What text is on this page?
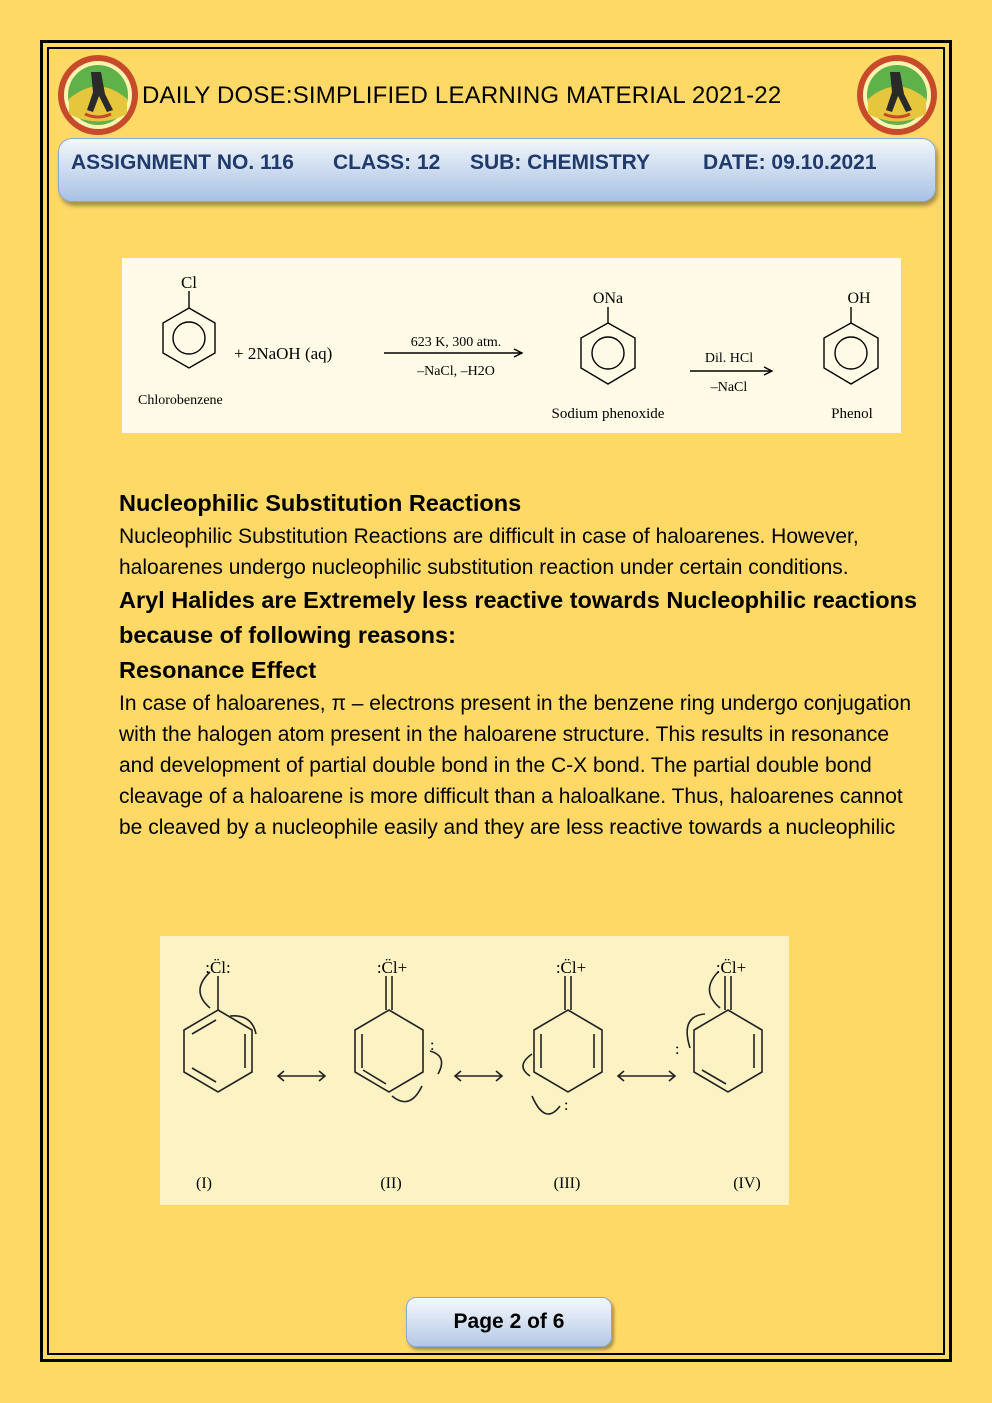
DAILY DOSE:SIMPLIFIED LEARNING MATERIAL 2021-22
ASSIGNMENT NO. 116 CLASS: 12 SUB: CHEMISTRY	DATE: 09.10.2021
Cl
Chlorobenzene
+ 2NaOH (aq)
623 K, 300 atm.
–NaCl, –H2O
ONa
Sodium phenoxide
Dil. HCl
–NaCl
OH
Phenol

Nucleophilic Substitution Reactions

Nucleophilic Substitution Reactions are difficult in case of haloarenes. However, haloarenes undergo nucleophilic substitution reaction under certain conditions.

Aryl Halides are Extremely less reactive towards Nucleophilic reactions because of following reasons:

Resonance Effect

In case of haloarenes, π – electrons present in the benzene ring undergo conjugation with the halogen atom present in the haloarene structure. This results in resonance and development of partial double bond in the C-X bond. The partial double bond cleavage of a haloarene is more difficult than a haloalkane. Thus, haloarenes cannot be cleaved by a nucleophile easily and they are less reactive towards a nucleophilic

:C̈l:	:C̈l+	:C̈l+	:C̈l+
:
:
:
(I)	(II)	(III)	(IV)
Page 2 of 6
